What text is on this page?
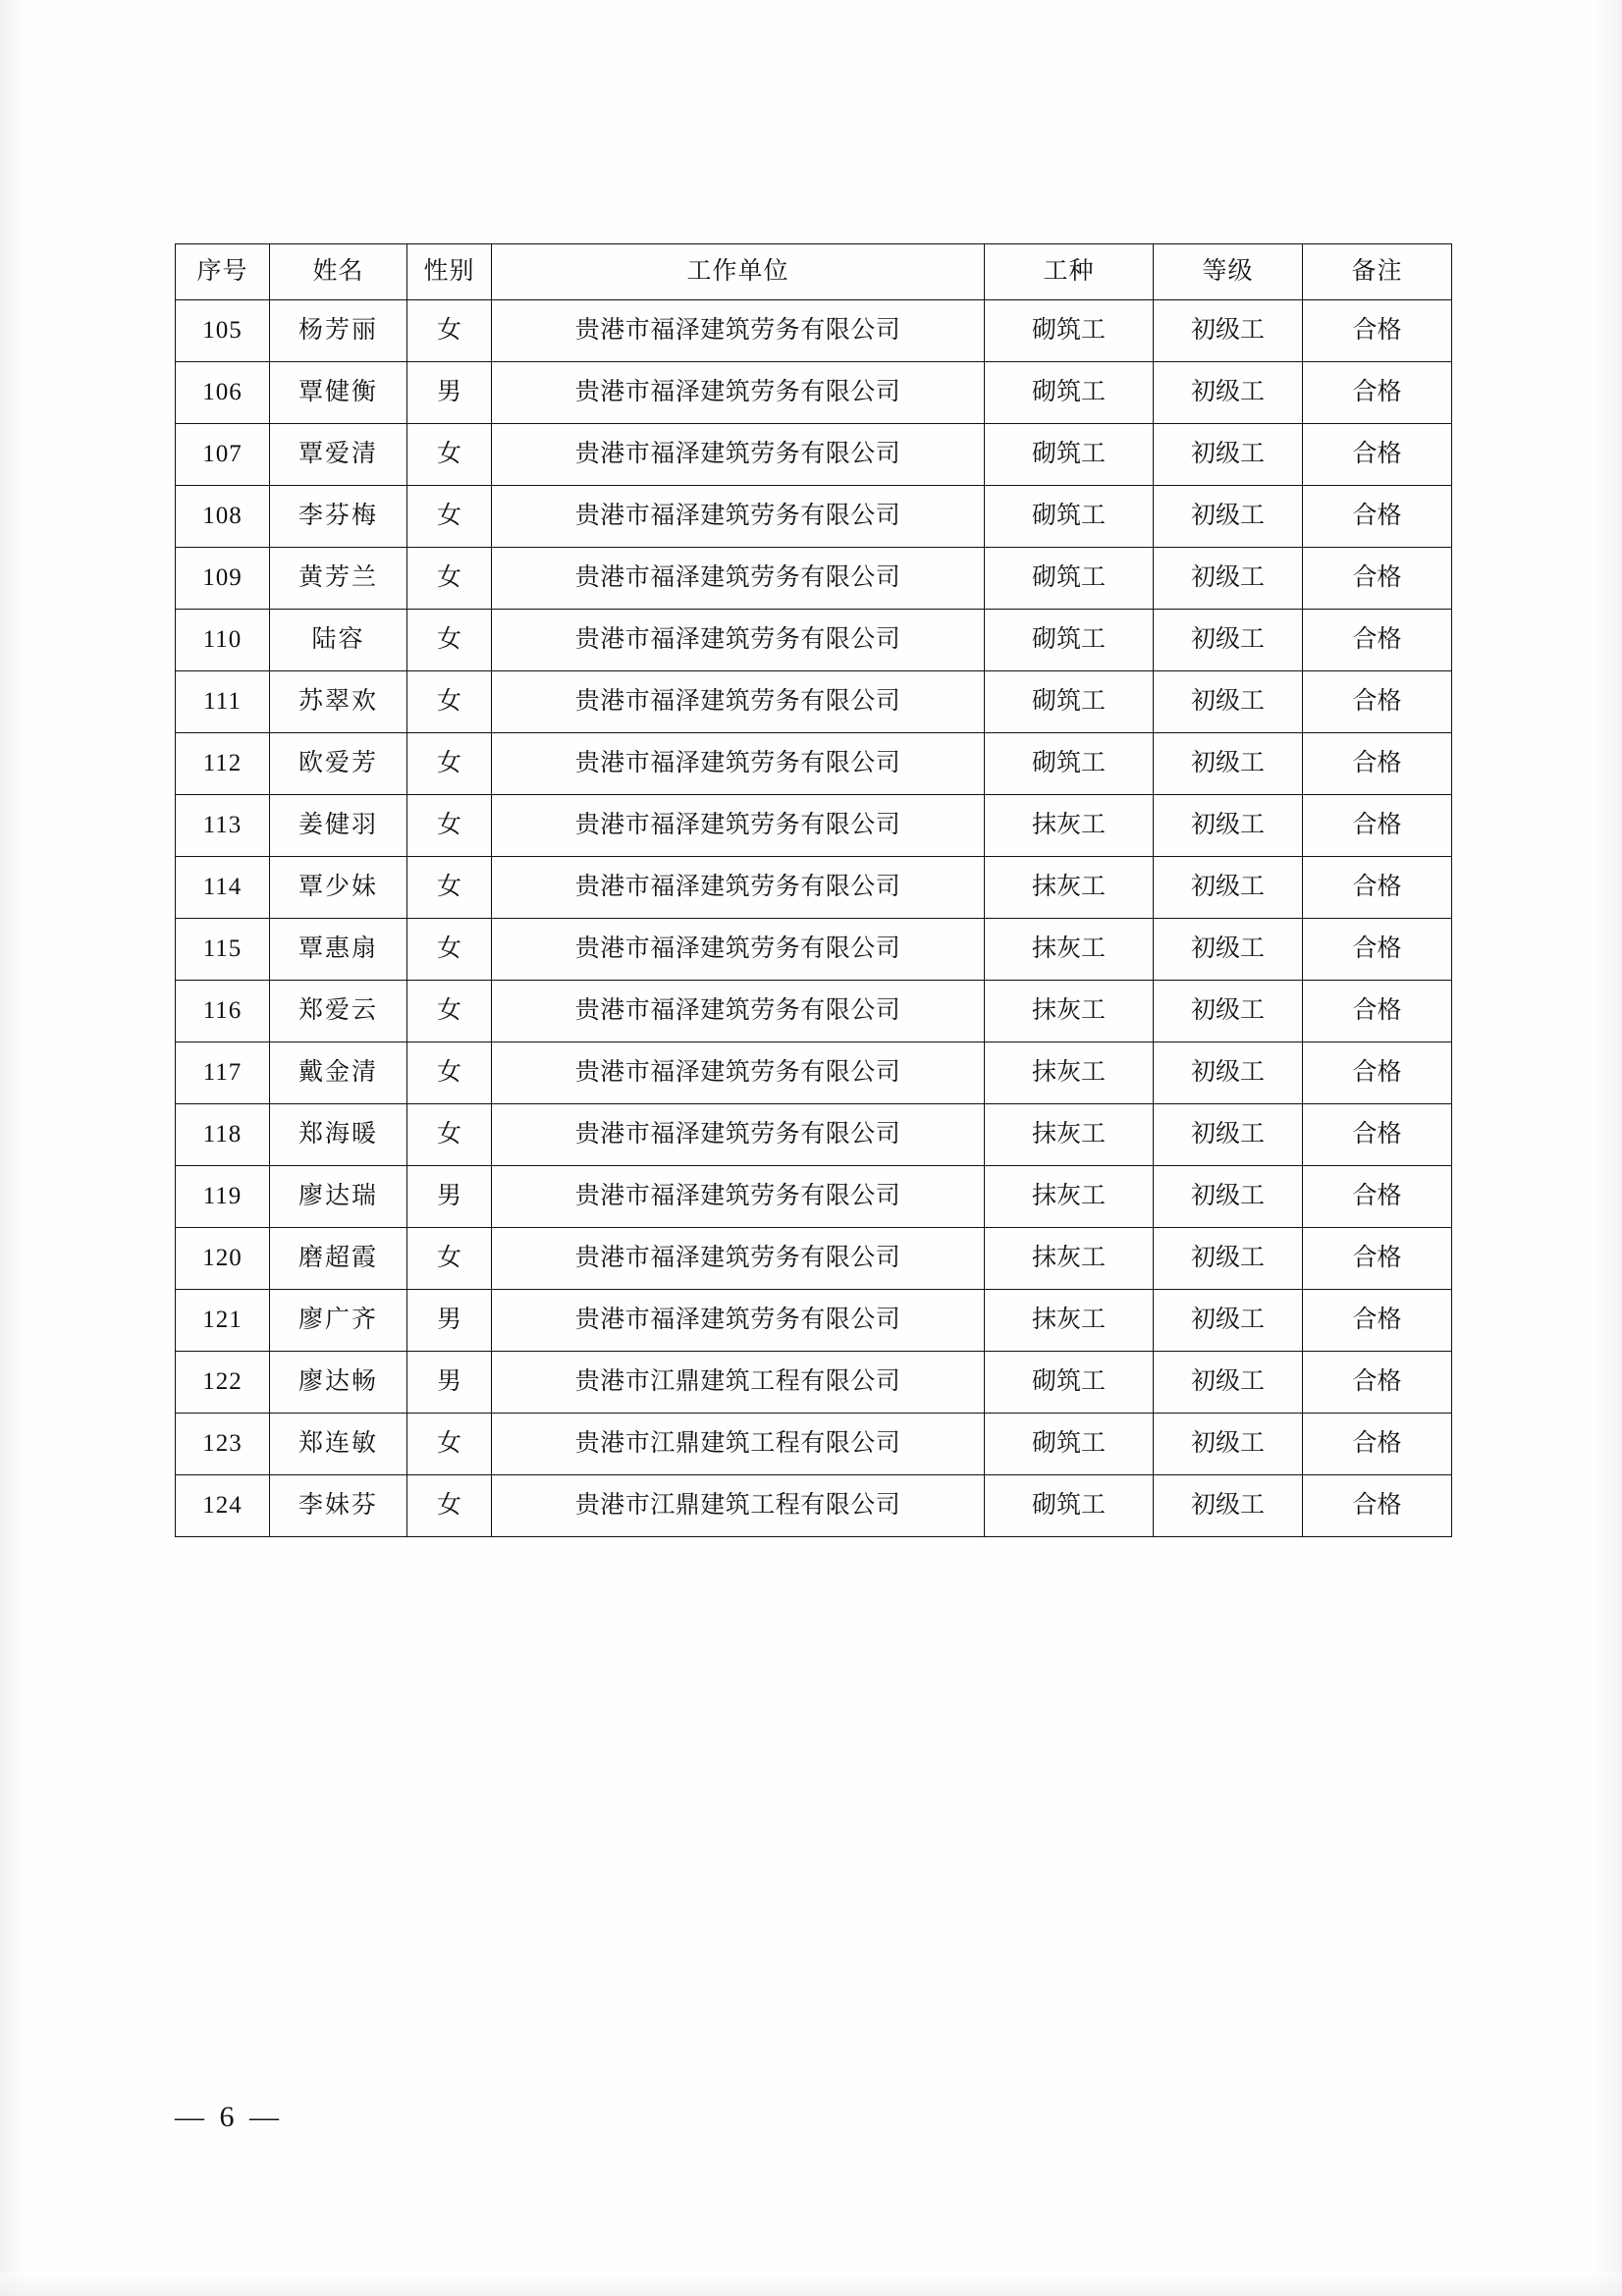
序号	姓名	性别	工作单位	工种	等级	备注
105	杨芳丽	女	贵港市福泽建筑劳务有限公司	砌筑工	初级工	合格
106	覃健衡	男	贵港市福泽建筑劳务有限公司	砌筑工	初级工	合格
107	覃爱清	女	贵港市福泽建筑劳务有限公司	砌筑工	初级工	合格
108	李芬梅	女	贵港市福泽建筑劳务有限公司	砌筑工	初级工	合格
109	黄芳兰	女	贵港市福泽建筑劳务有限公司	砌筑工	初级工	合格
110	陆容	女	贵港市福泽建筑劳务有限公司	砌筑工	初级工	合格
111	苏翠欢	女	贵港市福泽建筑劳务有限公司	砌筑工	初级工	合格
112	欧爱芳	女	贵港市福泽建筑劳务有限公司	砌筑工	初级工	合格
113	姜健羽	女	贵港市福泽建筑劳务有限公司	抹灰工	初级工	合格
114	覃少妹	女	贵港市福泽建筑劳务有限公司	抹灰工	初级工	合格
115	覃惠扇	女	贵港市福泽建筑劳务有限公司	抹灰工	初级工	合格
116	郑爱云	女	贵港市福泽建筑劳务有限公司	抹灰工	初级工	合格
117	戴金清	女	贵港市福泽建筑劳务有限公司	抹灰工	初级工	合格
118	郑海暖	女	贵港市福泽建筑劳务有限公司	抹灰工	初级工	合格
119	廖达瑞	男	贵港市福泽建筑劳务有限公司	抹灰工	初级工	合格
120	磨超霞	女	贵港市福泽建筑劳务有限公司	抹灰工	初级工	合格
121	廖广齐	男	贵港市福泽建筑劳务有限公司	抹灰工	初级工	合格
122	廖达畅	男	贵港市江鼎建筑工程有限公司	砌筑工	初级工	合格
123	郑连敏	女	贵港市江鼎建筑工程有限公司	砌筑工	初级工	合格
124	李妹芬	女	贵港市江鼎建筑工程有限公司	砌筑工	初级工	合格
— 6 —
